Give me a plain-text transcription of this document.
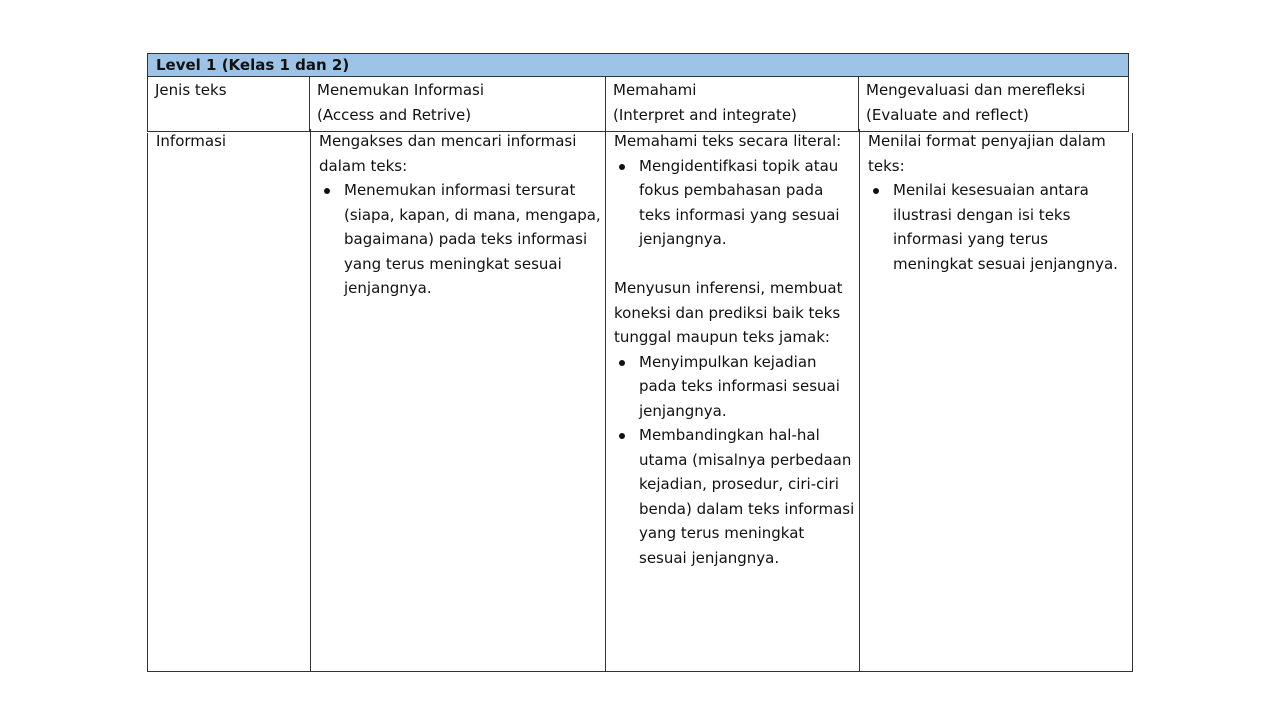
Level 1 (Kelas 1 dan 2)
Jenis teks	Menemukan Informasi
(Access and Retrive)
Memahami
(Interpret and integrate)
Mengevaluasi dan merefleksi
(Evaluate and reflect)
Informasi	Mengakses dan mencari informasi dalam teks:
Menemukan informasi tersurat (siapa, kapan, di mana, mengapa, bagaimana) pada teks informasi yang terus meningkat sesuai jenjangnya.
Memahami teks secara literal:
Mengidentifkasi topik atau fokus pembahasan pada teks informasi yang sesuai jenjangnya.
Menyusun inferensi, membuat koneksi dan prediksi baik teks tunggal maupun teks jamak:
Menyimpulkan kejadian pada teks informasi sesuai jenjangnya.
Membandingkan hal-hal utama (misalnya perbedaan kejadian, prosedur, ciri-ciri benda) dalam teks informasi yang terus meningkat sesuai jenjangnya.
Menilai format penyajian dalam teks:
Menilai kesesuaian antara ilustrasi dengan isi teks informasi yang terus meningkat sesuai jenjangnya.
